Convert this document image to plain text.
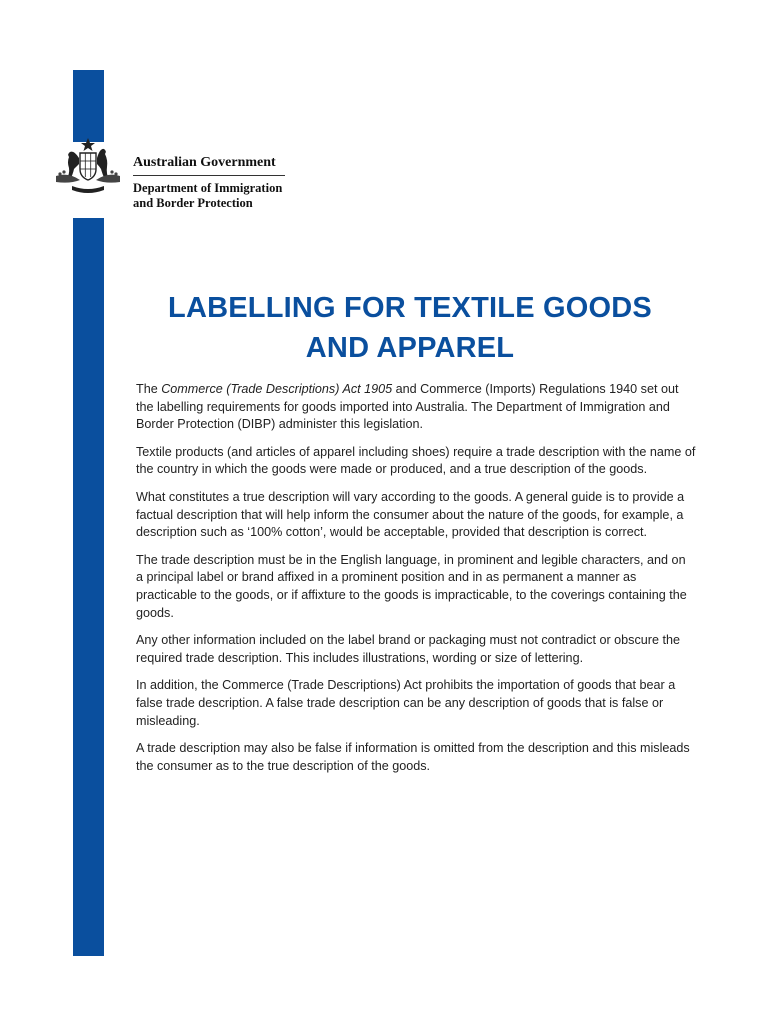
Australian Government
Department of Immigration
and Border Protection
LABELLING FOR TEXTILE GOODS
AND APPAREL

The Commerce (Trade Descriptions) Act 1905 and Commerce (Imports) Regulations 1940 set out the labelling requirements for goods imported into Australia. The Department of Immigration and Border Protection (DIBP) administer this legislation.

Textile products (and articles of apparel including shoes) require a trade description with the name of the country in which the goods were made or produced, and a true description of the goods.

What constitutes a true description will vary according to the goods. A general guide is to provide a factual description that will help inform the consumer about the nature of the goods, for example, a description such as ‘100% cotton’, would be acceptable, provided that description is correct.

The trade description must be in the English language, in prominent and legible characters, and on a principal label or brand affixed in a prominent position and in as permanent a manner as practicable to the goods, or if affixture to the goods is impracticable, to the coverings containing the goods.

Any other information included on the label brand or packaging must not contradict or obscure the required trade description. This includes illustrations, wording or size of lettering.

In addition, the Commerce (Trade Descriptions) Act prohibits the importation of goods that bear a false trade description. A false trade description can be any description of goods that is false or misleading.

A trade description may also be false if information is omitted from the description and this misleads the consumer as to the true description of the goods.
